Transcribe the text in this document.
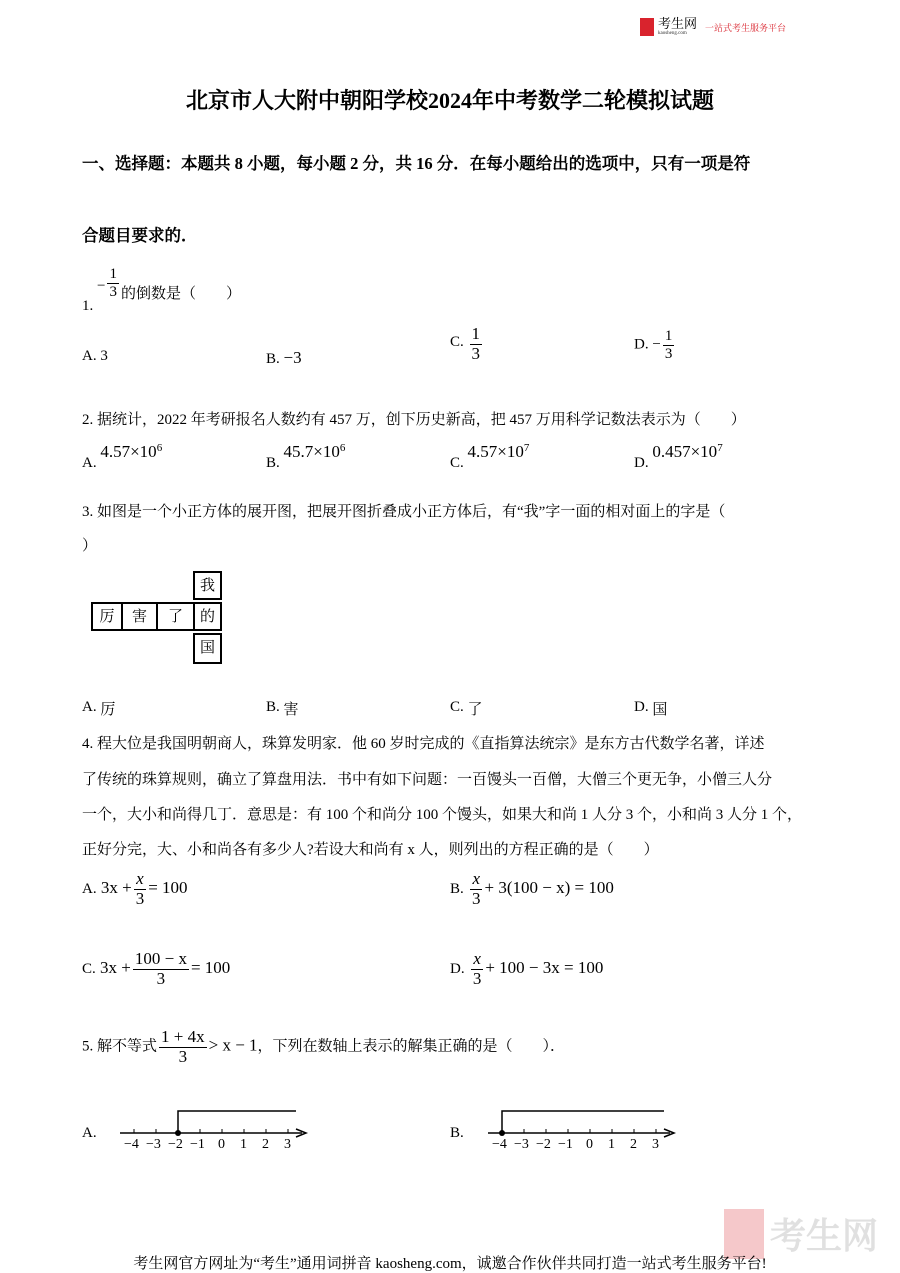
考生网
kaosheng.com	一站式考生服务平台
北京市人大附中朝阳学校2024年中考数学二轮模拟试题
一、选择题：本题共 8 小题，每小题 2 分，共 16 分．在每小题给出的选项中，只有一项是符
合题目要求的．
1. − $\frac{1}{3}$ 的倒数是（　　）
A. 3	B. −3
C. $\frac{1}{3}$	D. − $\frac{1}{3}$
2. 据统计，2022 年考研报名人数约有 457 万，创下历史新高，把 457 万用科学记数法表示为（　　）
A. $4.57\times 10^6$
B. $45.7\times 10^6$
C. $4.57\times 10^7$
D. $0.457\times 10^7$
3. 如图是一个小正方体的展开图，把展开图折叠成小正方体后，有“我”字一面的相对面上的字是（
）
我
厉	害	了	的
国
A. 厉	B. 害	C. 了	D. 国
4. 程大位是我国明朝商人，珠算发明家．他 60 岁时完成的《直指算法统宗》是东方古代数学名著，详述
了传统的珠算规则，确立了算盘用法．书中有如下问题：一百馒头一百僧，大僧三个更无争，小僧三人分
一个，大小和尚得几丁．意思是：有 100 个和尚分 100 个馒头，如果大和尚 1 人分 3 个，小和尚 3 人分 1 个，
正好分完，大、小和尚各有多少人?若设大和尚有 x 人，则列出的方程正确的是（　　）
A. $3x + \frac{x}{3} = 100$	B. $\frac{x}{3} + 3(100 - x) = 100$
C. $3x + \frac{100 - x}{3} = 100$	D. $\frac{x}{3} + 100 - 3x = 100$
5. 解不等式 $\frac{1 + 4x}{3} > x - 1$，下列在数轴上表示的解集正确的是（　　）．
A.	B.
−4 −3 −2 −1 0 1 2 3	−4 −3 −2 −1 0 1 2 3
考生网
考生网官方网址为“考生”通用词拼音 kaosheng.com，诚邀合作伙伴共同打造一站式考生服务平台!
